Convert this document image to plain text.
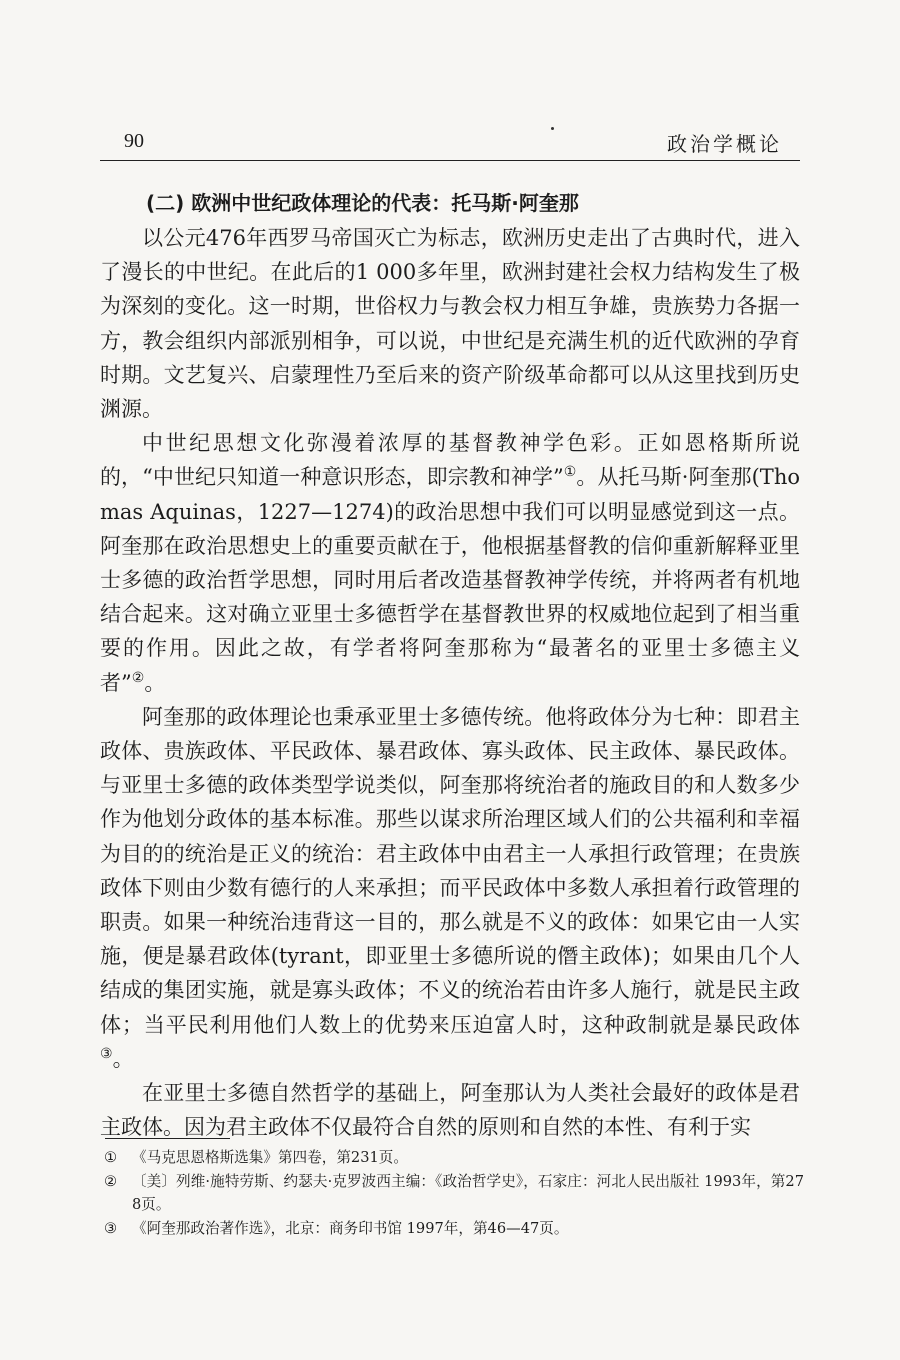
90	政治学概论
(二) 欧洲中世纪政体理论的代表：托马斯·阿奎那

以公元476年西罗马帝国灭亡为标志，欧洲历史走出了古典时代，进入了漫长的中世纪。在此后的1 000多年里，欧洲封建社会权力结构发生了极为深刻的变化。这一时期，世俗权力与教会权力相互争雄，贵族势力各据一方，教会组织内部派别相争，可以说，中世纪是充满生机的近代欧洲的孕育时期。文艺复兴、启蒙理性乃至后来的资产阶级革命都可以从这里找到历史渊源。

中世纪思想文化弥漫着浓厚的基督教神学色彩。正如恩格斯所说的，“中世纪只知道一种意识形态，即宗教和神学”①。从托马斯·阿奎那(Thomas Aquinas，1227—1274)的政治思想中我们可以明显感觉到这一点。阿奎那在政治思想史上的重要贡献在于，他根据基督教的信仰重新解释亚里士多德的政治哲学思想，同时用后者改造基督教神学传统，并将两者有机地结合起来。这对确立亚里士多德哲学在基督教世界的权威地位起到了相当重要的作用。因此之故，有学者将阿奎那称为“最著名的亚里士多德主义者”②。

阿奎那的政体理论也秉承亚里士多德传统。他将政体分为七种：即君主政体、贵族政体、平民政体、暴君政体、寡头政体、民主政体、暴民政体。与亚里士多德的政体类型学说类似，阿奎那将统治者的施政目的和人数多少作为他划分政体的基本标准。那些以谋求所治理区域人们的公共福利和幸福为目的的统治是正义的统治：君主政体中由君主一人承担行政管理；在贵族政体下则由少数有德行的人来承担；而平民政体中多数人承担着行政管理的职责。如果一种统治违背这一目的，那么就是不义的政体：如果它由一人实施，便是暴君政体(tyrant，即亚里士多德所说的僭主政体)；如果由几个人结成的集团实施，就是寡头政体；不义的统治若由许多人施行，就是民主政体；当平民利用他们人数上的优势来压迫富人时，这种政制就是暴民政体③。

在亚里士多德自然哲学的基础上，阿奎那认为人类社会最好的政体是君主政体。因为君主政体不仅最符合自然的原则和自然的本性、有利于实

①	《马克思恩格斯选集》第四卷，第231页。
②	〔美〕列维·施特劳斯、约瑟夫·克罗波西主编：《政治哲学史》，石家庄：河北人民出版社 1993年，第278页。
③	《阿奎那政治著作选》，北京：商务印书馆 1997年，第46—47页。
